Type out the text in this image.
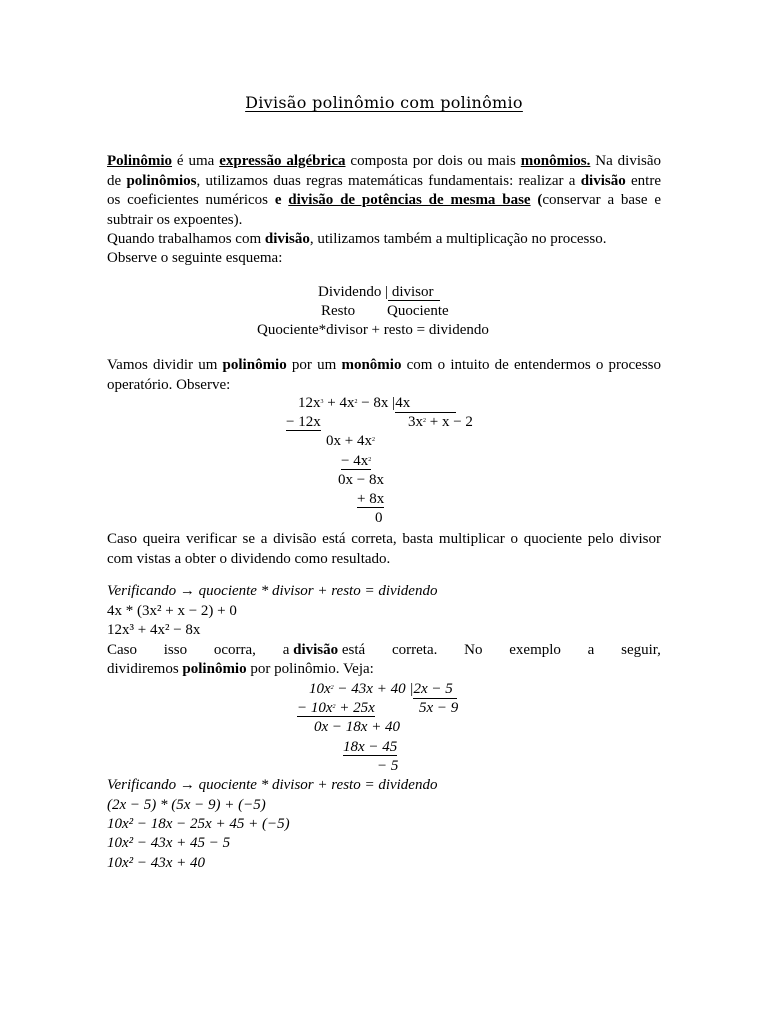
Divisão polinômio com polinômio
Polinômio é uma expressão algébrica composta por dois ou mais monômios. Na divisão de polinômios, utilizamos duas regras matemáticas fundamentais: realizar a divisão entre os coeficientes numéricos e divisão de potências de mesma base (conservar a base e subtrair os expoentes).
Quando trabalhamos com divisão, utilizamos também a multiplicação no processo.
Observe o seguinte esquema:
Dividendo | divisor
Resto Quociente
Quociente*divisor + resto = dividendo
Vamos dividir um polinômio por um monômio com o intuito de entendermos o processo operatório. Observe:
$12x^3 + 4x^2 - 8x$ |4x
− 12x	$3x^2 + x - 2$
$0x + 4x^2$
− $4x^2$
0x − 8x
+ 8x
0
Caso queira verificar se a divisão está correta, basta multiplicar o quociente pelo divisor com vistas a obter o dividendo como resultado.
Verificando → quociente * divisor + resto = dividendo
4x * (3x² + x − 2) + 0
12x³ + 4x² − 8x
Caso isso ocorra, a divisão está correta. No exemplo a seguir,
dividiremos polinômio por polinômio. Veja:
$10x^2 - 43x + 40$ |2x − 5
− $10x^2 + 25x$	5x − 9
0x − 18x + 40
18x − 45
− 5
Verificando → quociente * divisor + resto = dividendo
(2x − 5) * (5x − 9) + (−5)
10x² − 18x − 25x + 45 + (−5)
10x² − 43x + 45 − 5
10x² − 43x + 40
